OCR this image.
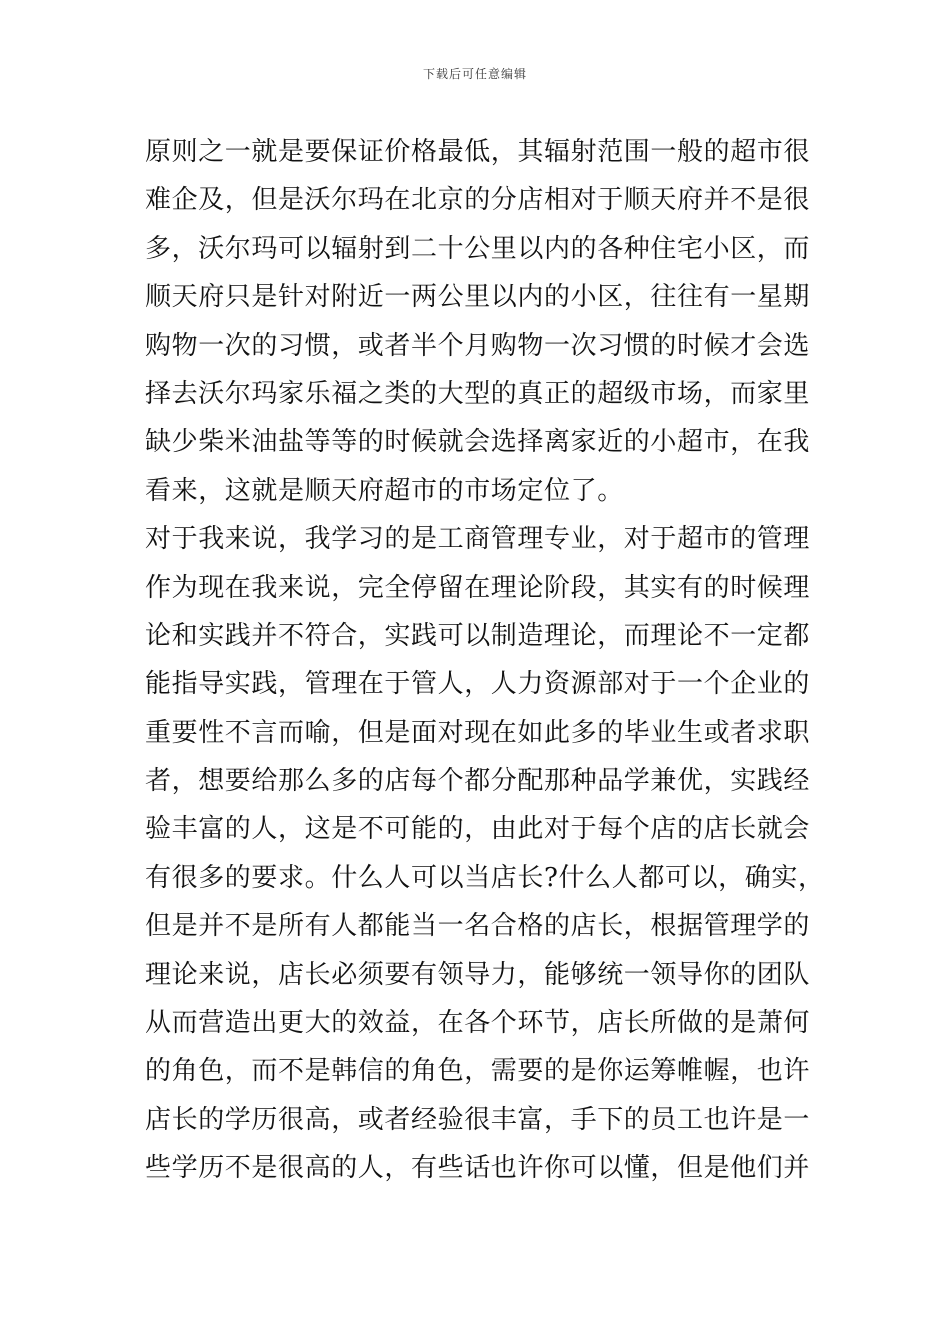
下载后可任意编辑
原则之一就是要保证价格最低，其辐射范围一般的超市很
难企及，但是沃尔玛在北京的分店相对于顺天府并不是很
多，沃尔玛可以辐射到二十公里以内的各种住宅小区，而
顺天府只是针对附近一两公里以内的小区，往往有一星期
购物一次的习惯，或者半个月购物一次习惯的时候才会选
择去沃尔玛家乐福之类的大型的真正的超级市场，而家里
缺少柴米油盐等等的时候就会选择离家近的小超市，在我
看来，这就是顺天府超市的市场定位了。
对于我来说，我学习的是工商管理专业，对于超市的管理
作为现在我来说，完全停留在理论阶段，其实有的时候理
论和实践并不符合，实践可以制造理论，而理论不一定都
能指导实践，管理在于管人，人力资源部对于一个企业的
重要性不言而喻，但是面对现在如此多的毕业生或者求职
者，想要给那么多的店每个都分配那种品学兼优，实践经
验丰富的人，这是不可能的，由此对于每个店的店长就会
有很多的要求。什么人可以当店长?什么人都可以，确实，
但是并不是所有人都能当一名合格的店长，根据管理学的
理论来说，店长必须要有领导力，能够统一领导你的团队
从而营造出更大的效益，在各个环节，店长所做的是萧何
的角色，而不是韩信的角色，需要的是你运筹帷幄，也许
店长的学历很高，或者经验很丰富，手下的员工也许是一
些学历不是很高的人，有些话也许你可以懂，但是他们并
